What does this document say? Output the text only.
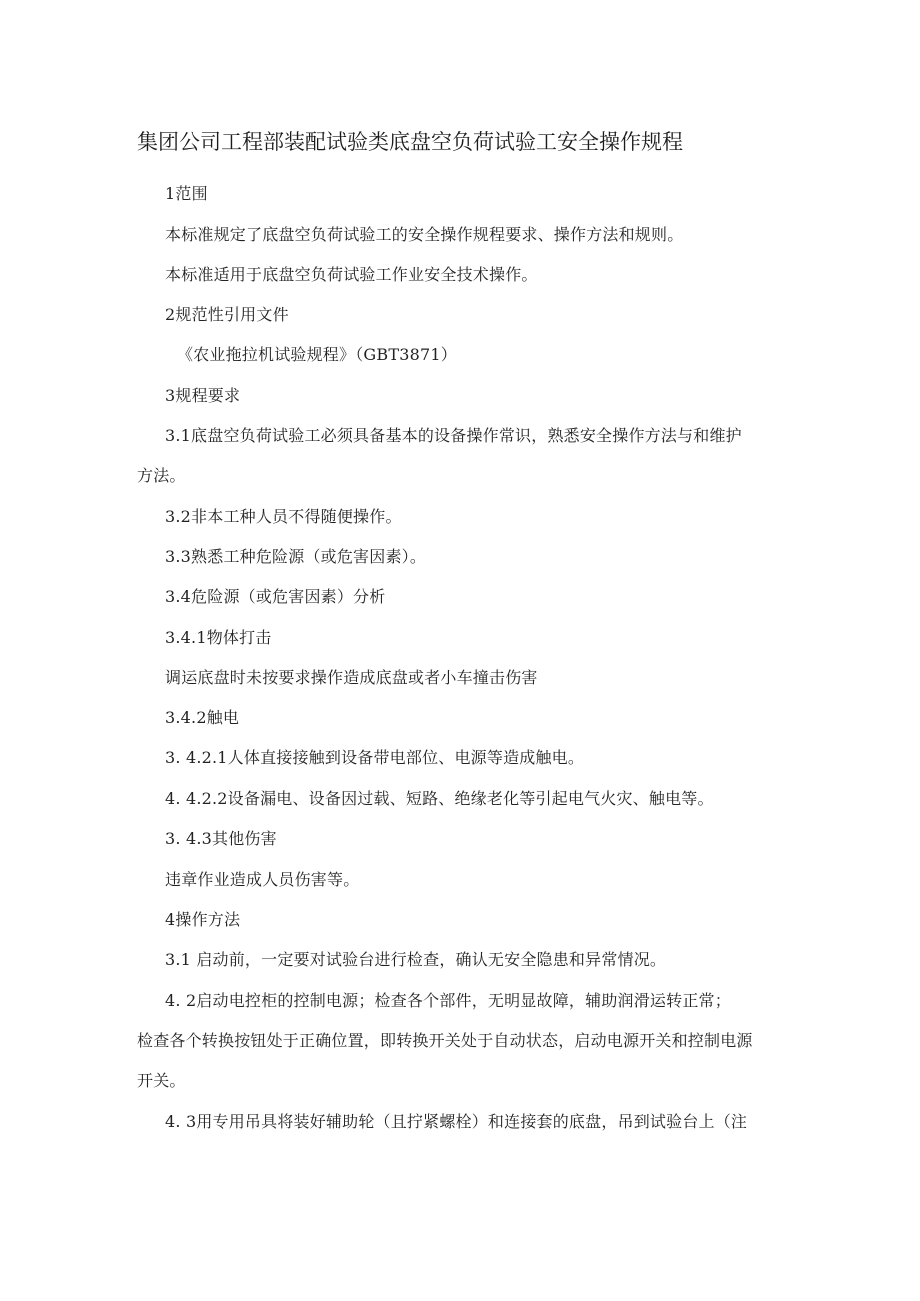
集团公司工程部装配试验类底盘空负荷试验工安全操作规程
1范围
本标准规定了底盘空负荷试验工的安全操作规程要求、操作方法和规则。
本标准适用于底盘空负荷试验工作业安全技术操作。
2规范性引用文件
《农业拖拉机试验规程》（GBT3871）
3规程要求
3.1底盘空负荷试验工必须具备基本的设备操作常识，熟悉安全操作方法与和维护
方法。
3.2非本工种人员不得随便操作。
3.3熟悉工种危险源（或危害因素）。
3.4危险源（或危害因素）分析
3.4.1物体打击
调运底盘时未按要求操作造成底盘或者小车撞击伤害
3.4.2触电
3. 4.2.1人体直接接触到设备带电部位、电源等造成触电。
4. 4.2.2设备漏电、设备因过载、短路、绝缘老化等引起电气火灾、触电等。
3. 4.3其他伤害
违章作业造成人员伤害等。
4操作方法
3.1 启动前，一定要对试验台进行检查，确认无安全隐患和异常情况。
4. 2启动电控柜的控制电源；检查各个部件，无明显故障，辅助润滑运转正常；
检查各个转换按钮处于正确位置，即转换开关处于自动状态，启动电源开关和控制电源
开关。
4. 3用专用吊具将装好辅助轮（且拧紧螺栓）和连接套的底盘，吊到试验台上（注
